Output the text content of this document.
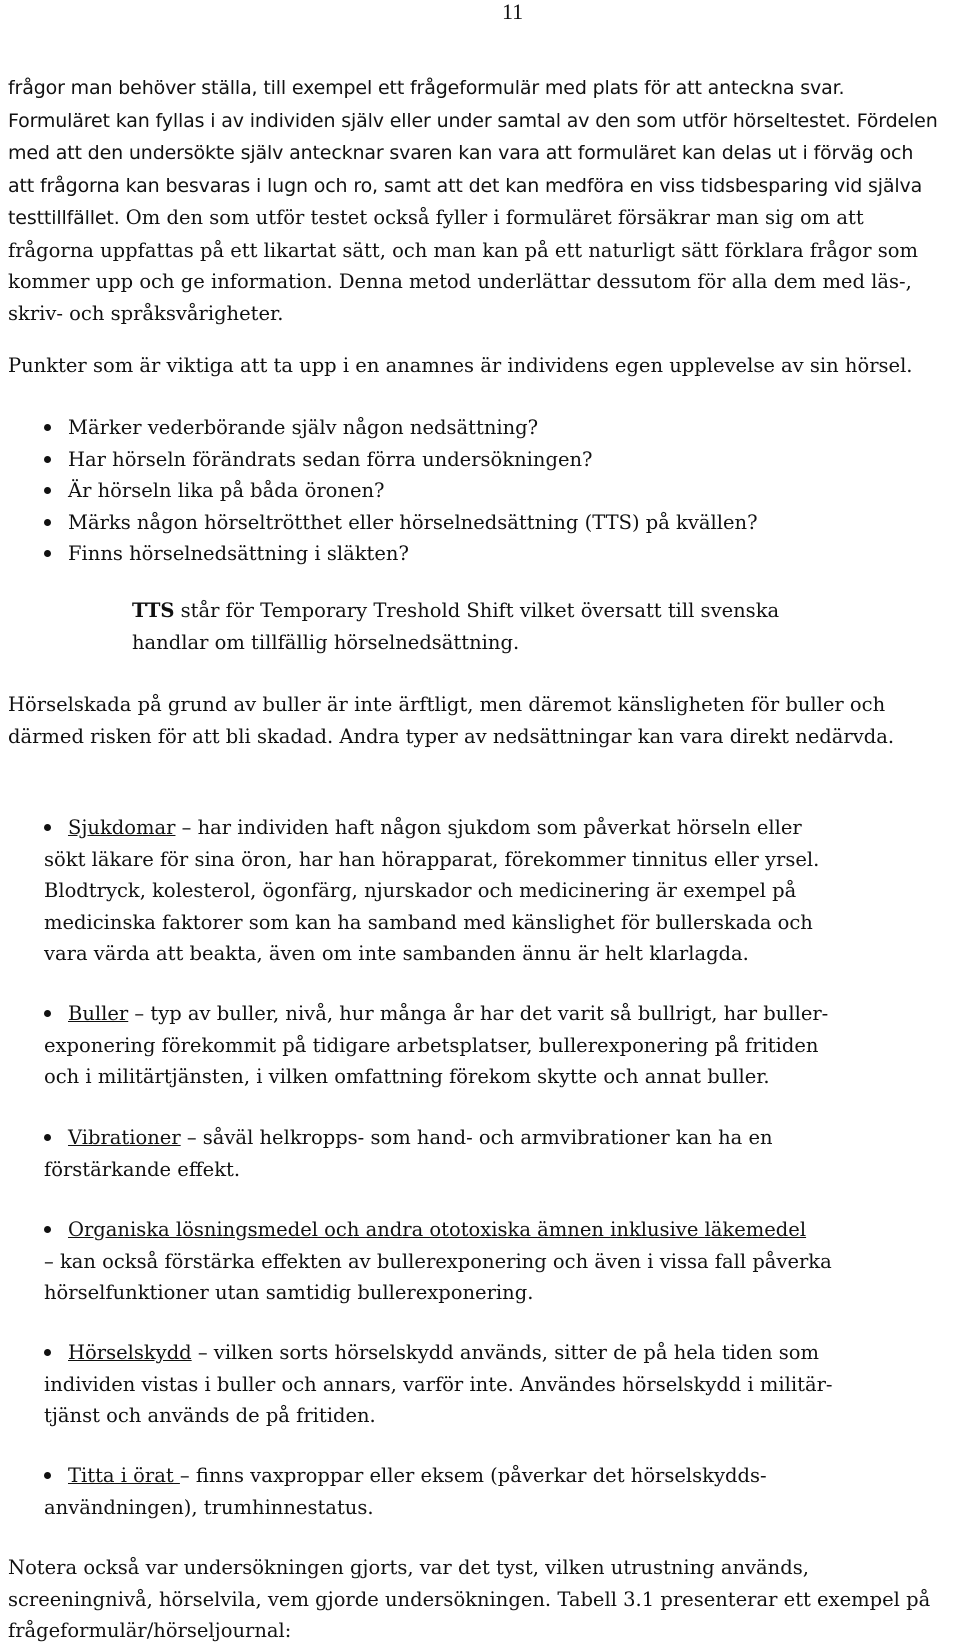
11
frågor man behöver ställa, till exempel ett frågeformulär med plats för att anteckna svar. Formuläret kan fyllas i av individen själv eller under samtal av den som utför hörseltestet. Fördelen med att den undersökte själv antecknar svaren kan vara att formuläret kan delas ut i förväg och att frågorna kan besvaras i lugn och ro, samt att det kan medföra en viss tidsbesparing vid själva testtillfället. Om den som utför testet också fyller i formuläret försäkrar man sig om att frågorna uppfattas på ett likartat sätt, och man kan på ett naturligt sätt förklara frågor som kommer upp och ge information. Denna metod underlättar dessutom för alla dem med läs-, skriv- och språksvårigheter.
Punkter som är viktiga att ta upp i en anamnes är individens egen upplevelse av sin hörsel.
Märker vederbörande själv någon nedsättning?
Har hörseln förändrats sedan förra undersökningen?
Är hörseln lika på båda öronen?
Märks någon hörseltrötthet eller hörselnedsättning (TTS) på kvällen?
Finns hörselnedsättning i släkten?
TTS står för Temporary Treshold Shift vilket översatt till svenska handlar om tillfällig hörselnedsättning.
Hörselskada på grund av buller är inte ärftligt, men däremot känsligheten för buller och därmed risken för att bli skadad. Andra typer av nedsättningar kan vara direkt nedärvda.
Sjukdomar – har individen haft någon sjukdom som påverkat hörseln eller
sökt läkare för sina öron, har han hörapparat, förekommer tinnitus eller yrsel.
Blodtryck, kolesterol, ögonfärg, njurskador och medicinering är exempel på
medicinska faktorer som kan ha samband med känslighet för bullerskada och
vara värda att beakta, även om inte sambanden ännu är helt klarlagda.
Buller – typ av buller, nivå, hur många år har det varit så bullrigt, har buller-
exponering förekommit på tidigare arbetsplatser, bullerexponering på fritiden
och i militärtjänsten, i vilken omfattning förekom skytte och annat buller.
Vibrationer – såväl helkropps- som hand- och armvibrationer kan ha en
förstärkande effekt.
Organiska lösningsmedel och andra ototoxiska ämnen inklusive läkemedel
– kan också förstärka effekten av bullerexponering och även i vissa fall påverka
hörselfunktioner utan samtidig bullerexponering.
Hörselskydd – vilken sorts hörselskydd används, sitter de på hela tiden som
individen vistas i buller och annars, varför inte. Användes hörselskydd i militär-
tjänst och används de på fritiden.
Titta i örat – finns vaxproppar eller eksem (påverkar det hörselskydds-
användningen), trumhinnestatus.
Notera också var undersökningen gjorts, var det tyst, vilken utrustning används, screeningnivå, hörselvila, vem gjorde undersökningen. Tabell 3.1 presenterar ett exempel på frågeformulär/hörseljournal:
